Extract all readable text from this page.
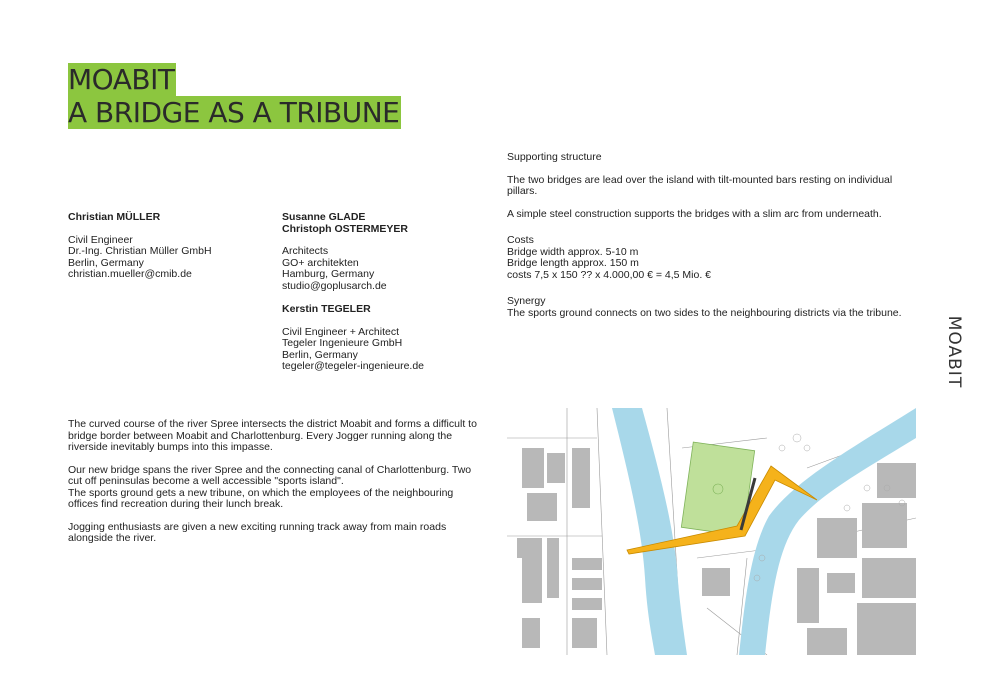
MOABIT
A BRIDGE AS A TRIBUNE

Christian MÜLLER

Civil Engineer

Dr.-Ing. Christian Müller GmbH

Berlin, Germany

christian.mueller@cmib.de

Susanne GLADE

Christoph OSTERMEYER

Architects

GO+ architekten

Hamburg, Germany

studio@goplusarch.de

Kerstin TEGELER

Civil Engineer + Architect

Tegeler Ingenieure GmbH

Berlin, Germany

tegeler@tegeler-ingenieure.de

Supporting structure

The two bridges are lead over the island with tilt-mounted bars resting on individual pillars.

A simple steel construction supports the bridges with a slim arc from underneath.

Costs

Bridge width approx. 5-10 m

Bridge length approx. 150 m

costs 7,5 x 150 ?? x 4.000,00 € = 4,5 Mio. €

Synergy

The sports ground connects on two sides to the neighbouring districts via the tribune.

The curved course of the river Spree intersects the district Moabit and forms a difficult to bridge border between Moabit and Charlottenburg. Every Jogger running along the riverside inevitably bumps into this impasse.

Our new bridge spans the river Spree and the connecting canal of Charlottenburg. Two cut off peninsulas become a well accessible "sports island".

The sports ground gets a new tribune, on which the employees of the neighbouring offices find recreation during their lunch break.

Jogging enthusiasts are given a new exciting running track away from main roads alongside the river.

MOABIT
